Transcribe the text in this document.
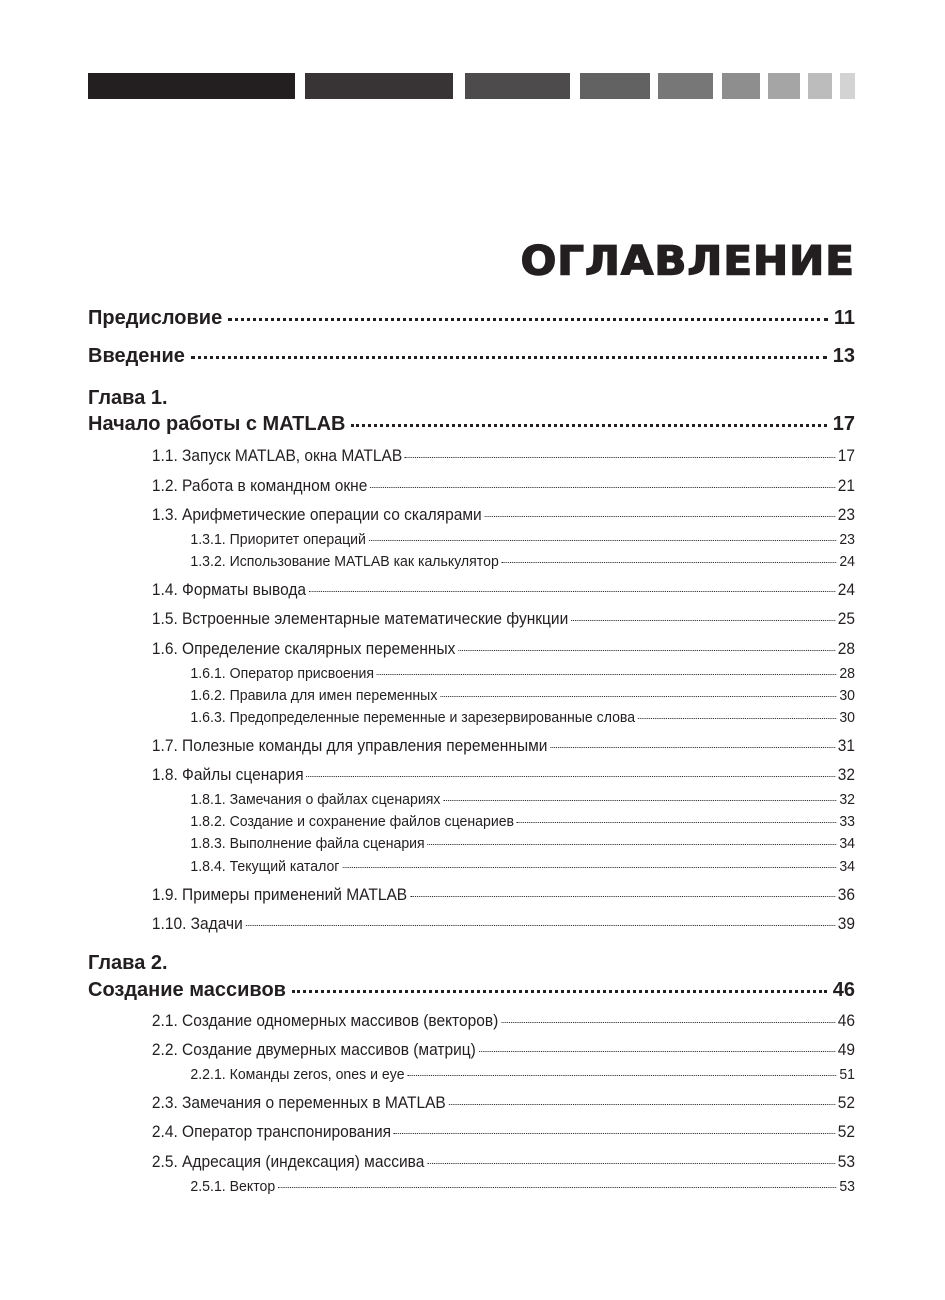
ОГЛАВЛЕНИЕ
Предисловие	11
Введение	13
Глава 1.
Начало работы с MATLAB	17
1.1. Запуск MATLAB, окна MATLAB	17
1.2. Работа в командном окне	21
1.3. Арифметические операции со скалярами	23
1.3.1. Приоритет операций	23
1.3.2. Использование MATLAB как калькулятор	24
1.4. Форматы вывода	24
1.5. Встроенные элементарные математические функции	25
1.6. Определение скалярных переменных	28
1.6.1. Оператор присвоения	28
1.6.2. Правила для имен переменных	30
1.6.3. Предопределенные переменные и зарезервированные слова	30
1.7. Полезные команды для управления переменными	31
1.8. Файлы сценария	32
1.8.1. Замечания о файлах сценариях	32
1.8.2. Создание и сохранение файлов сценариев	33
1.8.3. Выполнение файла сценария	34
1.8.4. Текущий каталог	34
1.9. Примеры применений MATLAB	36
1.10. Задачи	39
Глава 2.
Создание массивов	46
2.1. Создание одномерных массивов (векторов)	46
2.2. Создание двумерных массивов (матриц)	49
2.2.1. Команды zeros, ones и eye	51
2.3. Замечания о переменных в MATLAB	52
2.4. Оператор транспонирования	52
2.5. Адресация (индексация) массива	53
2.5.1. Вектор	53
